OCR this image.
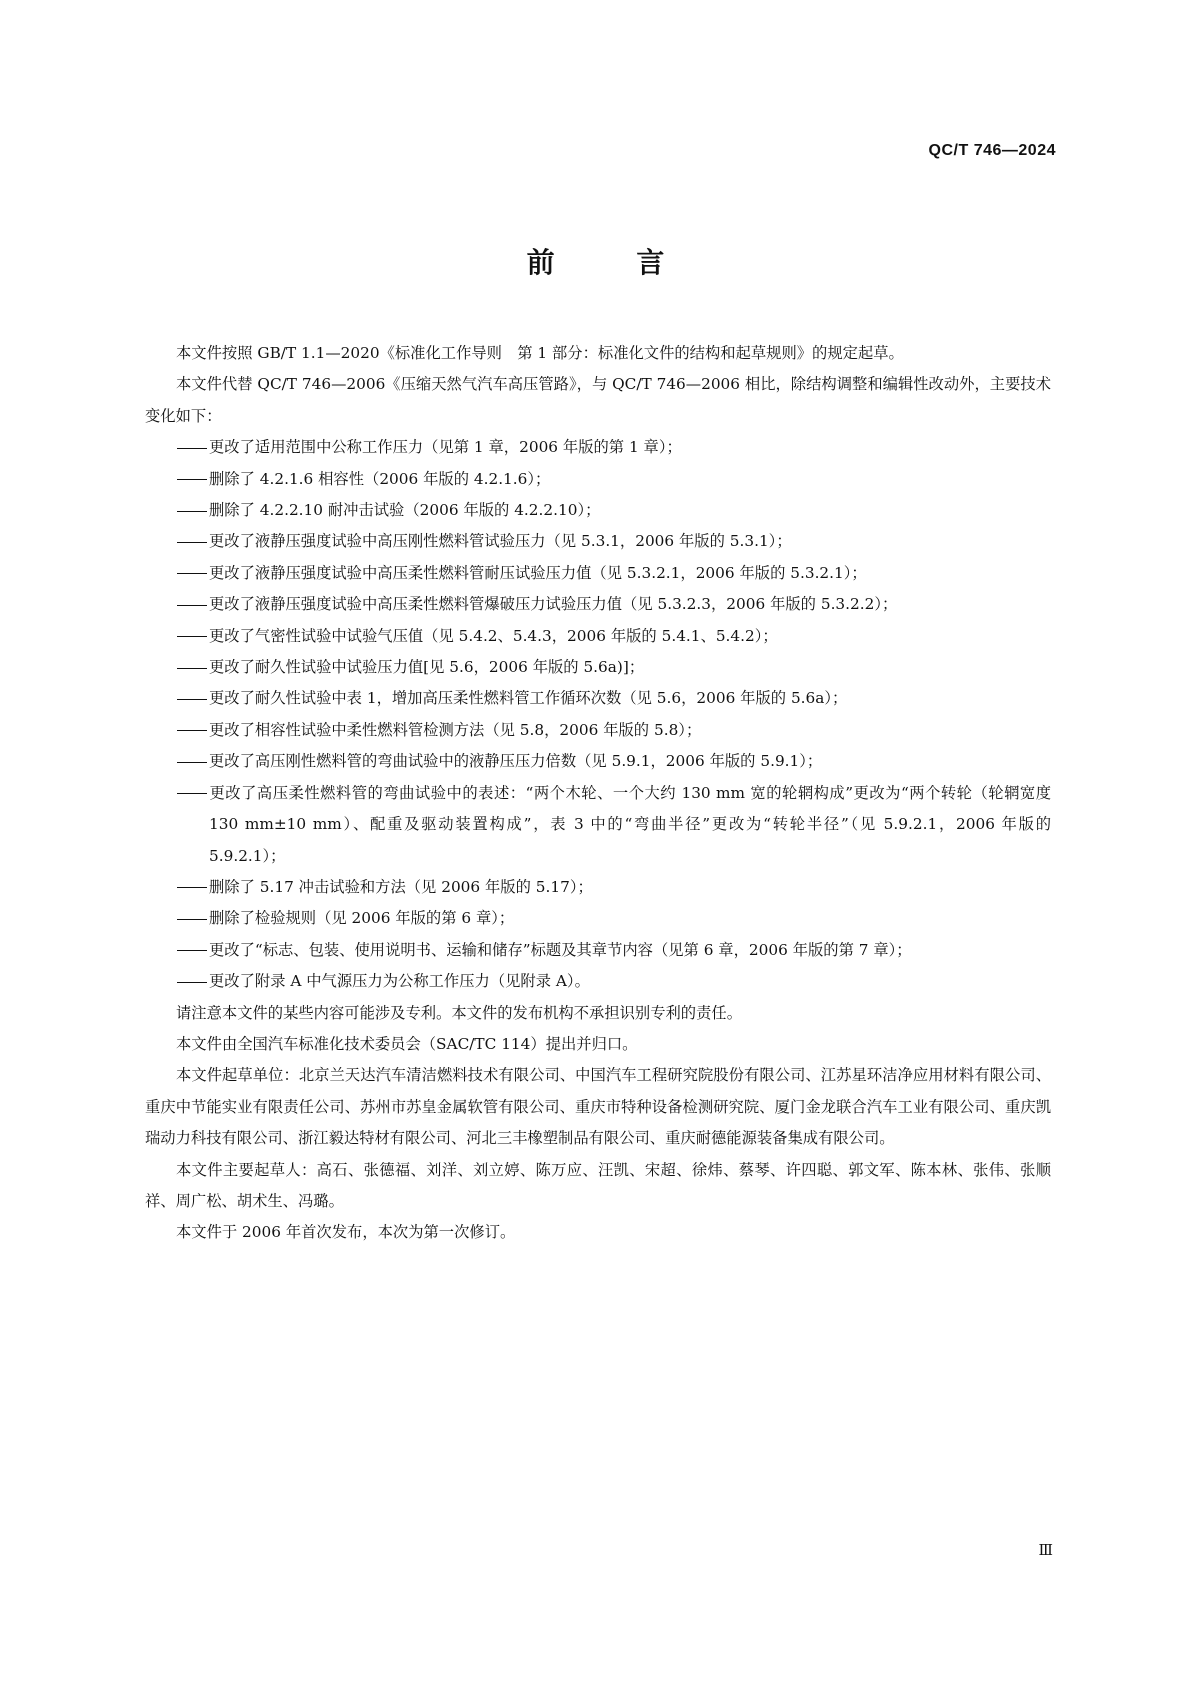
QC/T 746—2024
前 言

本文件按照 GB/T 1.1—2020《标准化工作导则　第 1 部分：标准化文件的结构和起草规则》的规定起草。

本文件代替 QC/T 746—2006《压缩天然气汽车高压管路》，与 QC/T 746—2006 相比，除结构调整和编辑性改动外，主要技术变化如下：

更改了适用范围中公称工作压力（见第 1 章，2006 年版的第 1 章）；
删除了 4.2.1.6 相容性（2006 年版的 4.2.1.6）；
删除了 4.2.2.10 耐冲击试验（2006 年版的 4.2.2.10）；
更改了液静压强度试验中高压刚性燃料管试验压力（见 5.3.1，2006 年版的 5.3.1）；
更改了液静压强度试验中高压柔性燃料管耐压试验压力值（见 5.3.2.1，2006 年版的 5.3.2.1）；
更改了液静压强度试验中高压柔性燃料管爆破压力试验压力值（见 5.3.2.3，2006 年版的 5.3.2.2）；
更改了气密性试验中试验气压值（见 5.4.2、5.4.3，2006 年版的 5.4.1、5.4.2）；
更改了耐久性试验中试验压力值[见 5.6，2006 年版的 5.6a)]；
更改了耐久性试验中表 1，增加高压柔性燃料管工作循环次数（见 5.6，2006 年版的 5.6a）；
更改了相容性试验中柔性燃料管检测方法（见 5.8，2006 年版的 5.8）；
更改了高压刚性燃料管的弯曲试验中的液静压压力倍数（见 5.9.1，2006 年版的 5.9.1）；
更改了高压柔性燃料管的弯曲试验中的表述：“两个木轮、一个大约 130 mm 宽的轮辋构成”更改为“两个转轮（轮辋宽度 130 mm±10 mm）、配重及驱动装置构成”，表 3 中的“弯曲半径”更改为“转轮半径”（见 5.9.2.1，2006 年版的 5.9.2.1）；
删除了 5.17 冲击试验和方法（见 2006 年版的 5.17）；
删除了检验规则（见 2006 年版的第 6 章）；
更改了“标志、包装、使用说明书、运输和储存”标题及其章节内容（见第 6 章，2006 年版的第 7 章）；
更改了附录 A 中气源压力为公称工作压力（见附录 A）。

请注意本文件的某些内容可能涉及专利。本文件的发布机构不承担识别专利的责任。

本文件由全国汽车标准化技术委员会（SAC/TC 114）提出并归口。

本文件起草单位：北京兰天达汽车清洁燃料技术有限公司、中国汽车工程研究院股份有限公司、江苏星环洁净应用材料有限公司、重庆中节能实业有限责任公司、苏州市苏皇金属软管有限公司、重庆市特种设备检测研究院、厦门金龙联合汽车工业有限公司、重庆凯瑞动力科技有限公司、浙江毅达特材有限公司、河北三丰橡塑制品有限公司、重庆耐德能源装备集成有限公司。

本文件主要起草人：高石、张德福、刘洋、刘立婷、陈万应、汪凯、宋超、徐炜、蔡琴、许四聪、郭文军、陈本林、张伟、张顺祥、周广松、胡术生、冯璐。

本文件于 2006 年首次发布，本次为第一次修订。

Ⅲ
